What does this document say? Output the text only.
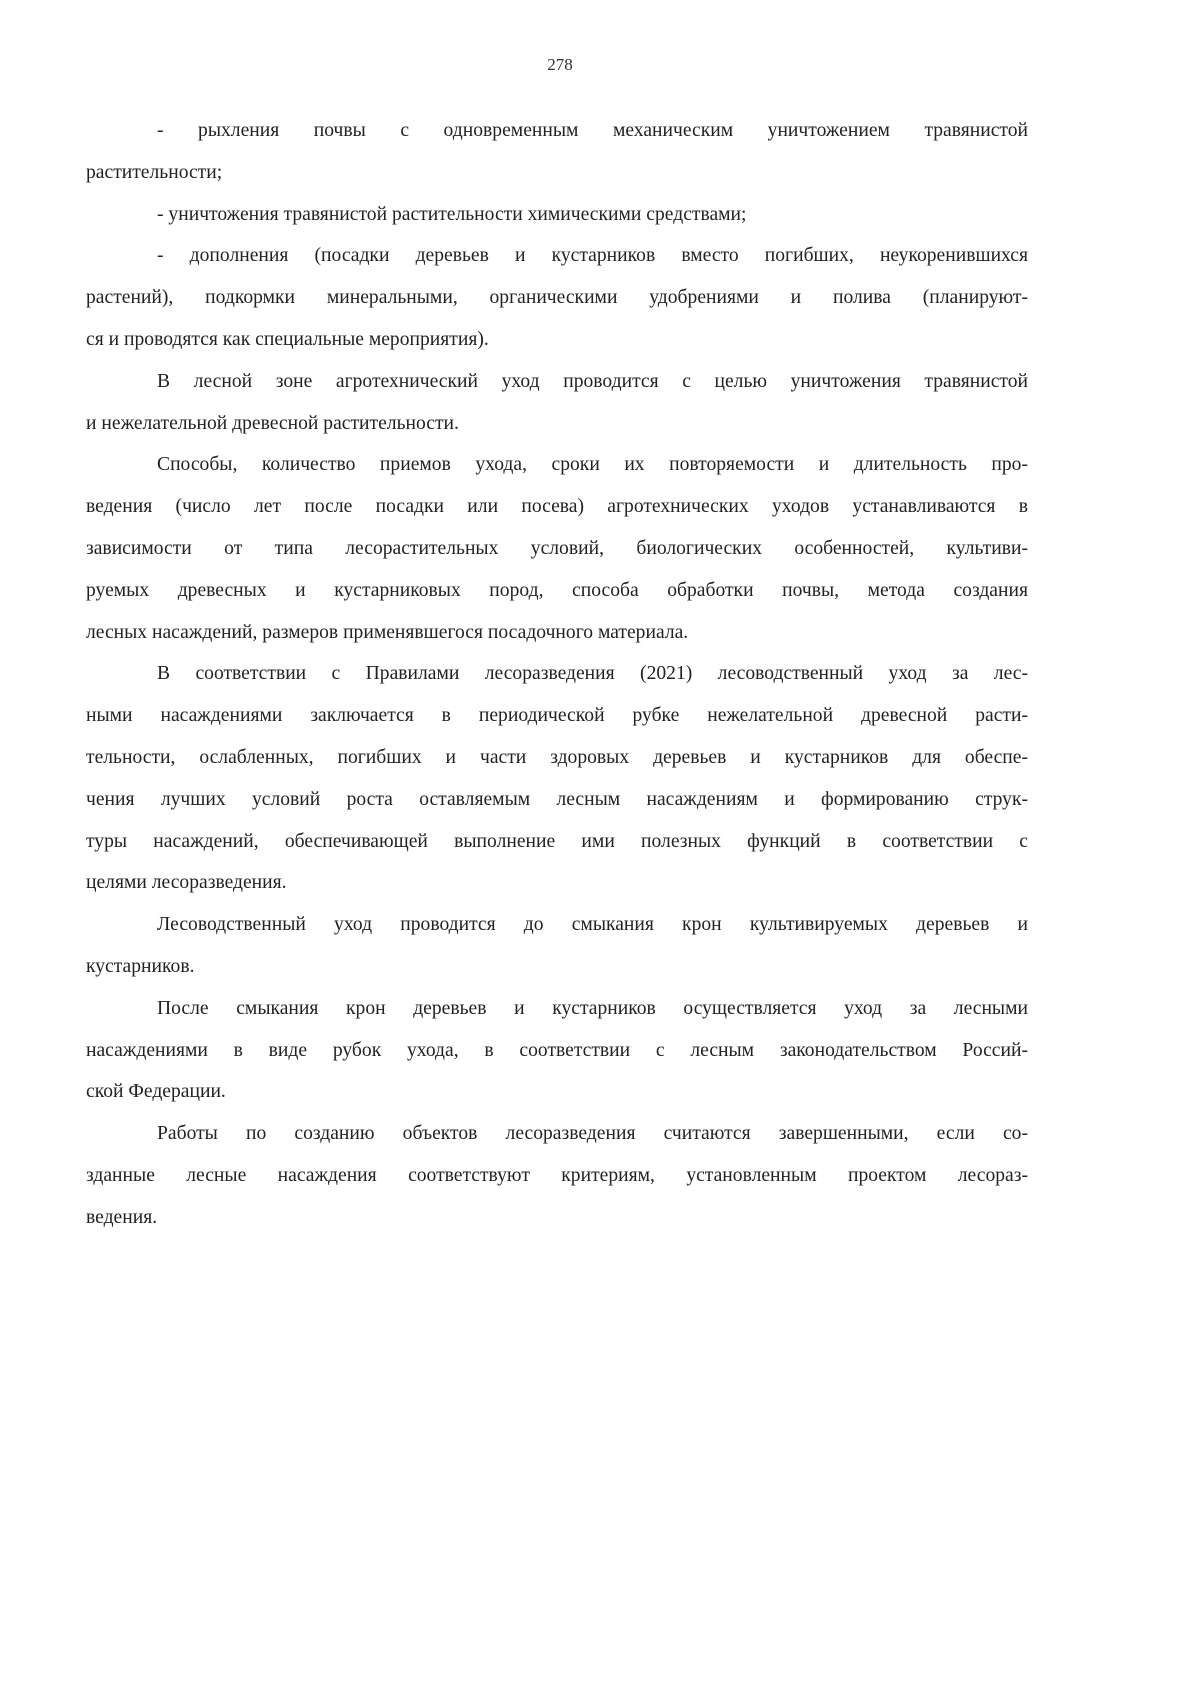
278
- рыхления почвы с одновременным механическим уничтожением травянистой
растительности;
- уничтожения травянистой растительности химическими средствами;
- дополнения (посадки деревьев и кустарников вместо погибших, неукоренившихся
растений), подкормки минеральными, органическими удобрениями и полива (планируют-
ся и проводятся как специальные мероприятия).
В лесной зоне агротехнический уход проводится с целью уничтожения травянистой
и нежелательной древесной растительности.
Способы, количество приемов ухода, сроки их повторяемости и длительность про-
ведения (число лет после посадки или посева) агротехнических уходов устанавливаются в
зависимости от типа лесорастительных условий, биологических особенностей, культиви-
руемых древесных и кустарниковых пород, способа обработки почвы, метода создания
лесных насаждений, размеров применявшегося посадочного материала.
В соответствии с Правилами лесоразведения (2021) лесоводственный уход за лес-
ными насаждениями заключается в периодической рубке нежелательной древесной расти-
тельности, ослабленных, погибших и части здоровых деревьев и кустарников для обеспе-
чения лучших условий роста оставляемым лесным насаждениям и формированию струк-
туры насаждений, обеспечивающей выполнение ими полезных функций в соответствии с
целями лесоразведения.
Лесоводственный уход проводится до смыкания крон культивируемых деревьев и
кустарников.
После смыкания крон деревьев и кустарников осуществляется уход за лесными
насаждениями в виде рубок ухода, в соответствии с лесным законодательством Россий-
ской Федерации.
Работы по созданию объектов лесоразведения считаются завершенными, если со-
зданные лесные насаждения соответствуют критериям, установленным проектом лесораз-
ведения.
